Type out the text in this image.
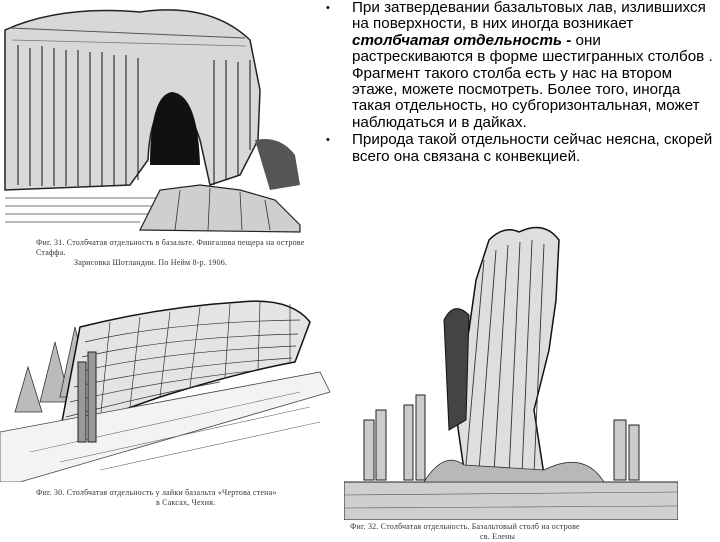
Фиг. 31. Столбчатая отдельность в базальте. Фингалова пещера на острове Стаффа.
Зарисовка Шотландии. По Нейм 8-р. 1906.
Фиг. 30. Столбчатая отдельность у лайки базальта «Чертова стена»
в Саксах, Чехия.
Фиг. 32. Столбчатая отдельность. Базальтовый столб на острове
св. Елены
• При затвердевании базальтовых лав, излившихся на поверхности, в них иногда возникает столбчатая отдельность - они растрескиваются в форме шестигранных столбов . Фрагмент такого столба есть у нас на втором этаже, можете посмотреть. Более того, иногда такая отдельность, но субгоризонтальная, может наблюдаться и в дайках.
• Природа такой отдельности сейчас неясна, скорей всего она связана с конвекцией.
